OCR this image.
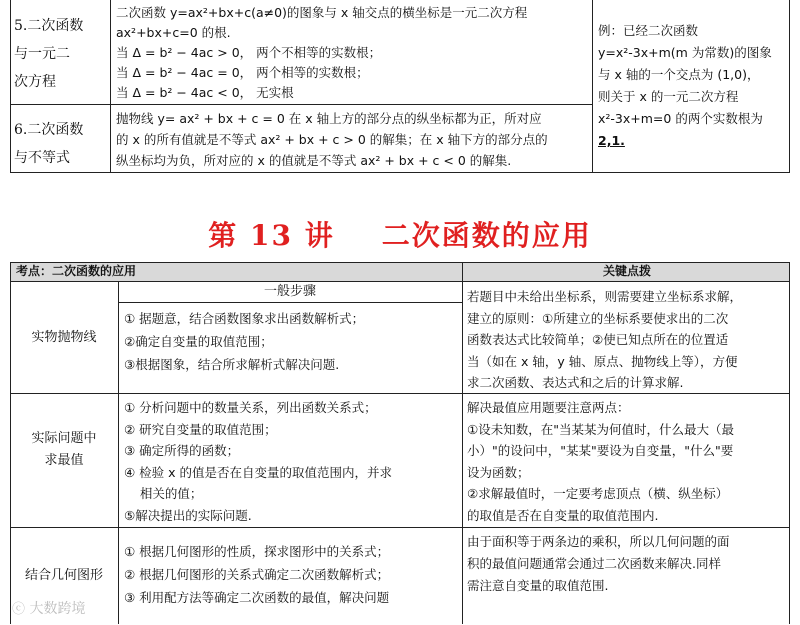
5.二次函数
与一元二
次方程
二次函数 y=ax²+bx+c(a≠0)的图象与 x 轴交点的横坐标是一元二次方程
ax²+bx+c=0 的根.
当 Δ = b² − 4ac > 0， 两个不相等的实数根；
当 Δ = b² − 4ac = 0， 两个相等的实数根；
当 Δ = b² − 4ac < 0， 无实根
6.二次函数
与不等式
抛物线 y= ax² + bx + c = 0 在 x 轴上方的部分点的纵坐标都为正，所对应
的 x 的所有值就是不等式 ax² + bx + c > 0 的解集；在 x 轴下方的部分点的
纵坐标均为负，所对应的 x 的值就是不等式 ax² + bx + c < 0 的解集.
例：已经二次函数
y=x²-3x+m(m 为常数)的图象
与 x 轴的一个交点为 (1,0)，
则关于 x 的一元二次方程
x²-3x+m=0 的两个实数根为
2,1.
第 13 讲    二次函数的应用
考点：二次函数的应用	关键点拨
实物抛物线
一般步骤
① 据题意，结合函数图象求出函数解析式；
②确定自变量的取值范围；
③根据图象，结合所求解析式解决问题.
若题目中未给出坐标系，则需要建立坐标系求解，
建立的原则：①所建立的坐标系要使求出的二次
函数表达式比较简单；②使已知点所在的位置适
当（如在 x 轴，y 轴、原点、抛物线上等），方便
求二次函数、表达式和之后的计算求解.
实际问题中
求最值
① 分析问题中的数量关系，列出函数关系式；
② 研究自变量的取值范围；
③ 确定所得的函数；
④ 检验 x 的值是否在自变量的取值范围内，并求
相关的值；
⑤解决提出的实际问题.
解决最值应用题要注意两点：
①设未知数，在"当某某为何值时，什么最大（最
小）"的设问中，"某某"要设为自变量，"什么"要
设为函数；
②求解最值时，一定要考虑顶点（横、纵坐标）
的取值是否在自变量的取值范围内.
结合几何图形
① 根据几何图形的性质，探求图形中的关系式；
② 根据几何图形的关系式确定二次函数解析式；
③ 利用配方法等确定二次函数的最值，解决问题
由于面积等于两条边的乘积，所以几何问题的面
积的最值问题通常会通过二次函数来解决.同样
需注意自变量的取值范围.
ⓒ 大数跨境
